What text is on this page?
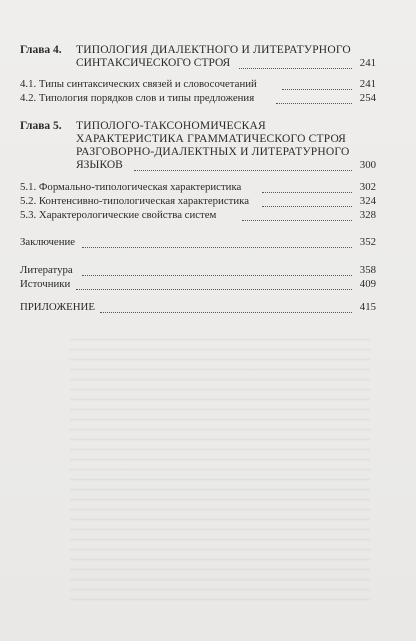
Глава 4. ТИПОЛОГИЯ ДИАЛЕКТНОГО И ЛИТЕРАТУРНОГО
СИНТАКСИЧЕСКОГО СТРОЯ	241
4.1. Типы синтаксических связей и словосочетаний	241
4.2. Типология порядков слов и типы предложения	254
Глава 5. ТИПОЛОГО-ТАКСОНОМИЧЕСКАЯ
ХАРАКТЕРИСТИКА ГРАММАТИЧЕСКОГО СТРОЯ
РАЗГОВОРНО-ДИАЛЕКТНЫХ И ЛИТЕРАТУРНОГО
ЯЗЫКОВ	300
5.1. Формально-типологическая характеристика	302
5.2. Контенсивно-типологическая характеристика	324
5.3. Характерологические свойства систем	328
Заключение	352
Литература	358
Источники	409
ПРИЛОЖЕНИЕ	415
